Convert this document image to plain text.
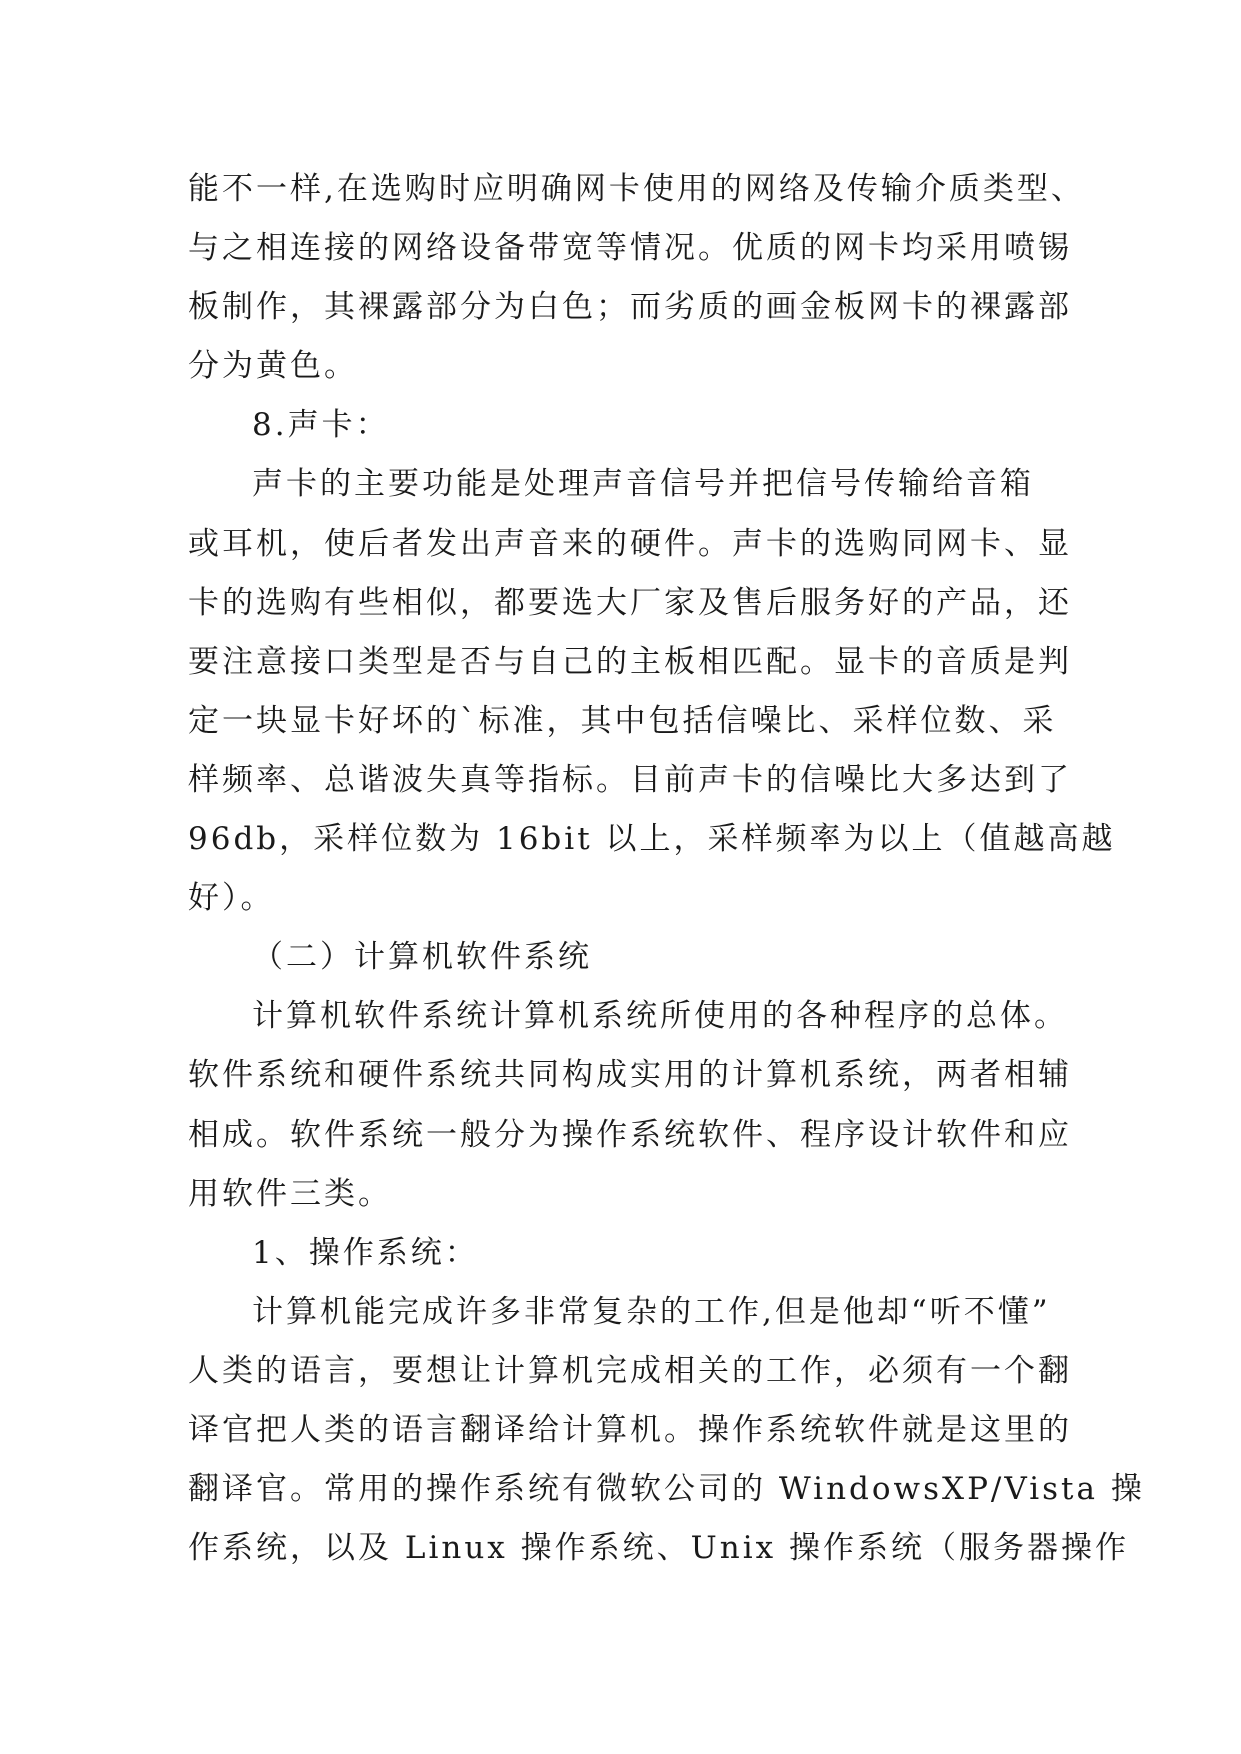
能不一样,在选购时应明确网卡使用的网络及传输介质类型、
与之相连接的网络设备带宽等情况。优质的网卡均采用喷锡
板制作，其裸露部分为白色；而劣质的画金板网卡的裸露部
分为黄色。
8.声卡：
声卡的主要功能是处理声音信号并把信号传输给音箱
或耳机，使后者发出声音来的硬件。声卡的选购同网卡、显
卡的选购有些相似，都要选大厂家及售后服务好的产品，还
要注意接口类型是否与自己的主板相匹配。显卡的音质是判
定一块显卡好坏的`标准，其中包括信噪比、采样位数、采
样频率、总谐波失真等指标。目前声卡的信噪比大多达到了
96db，采样位数为 16bit 以上，采样频率为以上（值越高越
好）。
（二）计算机软件系统
计算机软件系统计算机系统所使用的各种程序的总体。
软件系统和硬件系统共同构成实用的计算机系统，两者相辅
相成。软件系统一般分为操作系统软件、程序设计软件和应
用软件三类。
1、操作系统：
计算机能完成许多非常复杂的工作,但是他却“听不懂”
人类的语言，要想让计算机完成相关的工作，必须有一个翻
译官把人类的语言翻译给计算机。操作系统软件就是这里的
翻译官。常用的操作系统有微软公司的 WindowsXP/Vista 操
作系统，以及 Linux 操作系统、Unix 操作系统（服务器操作
